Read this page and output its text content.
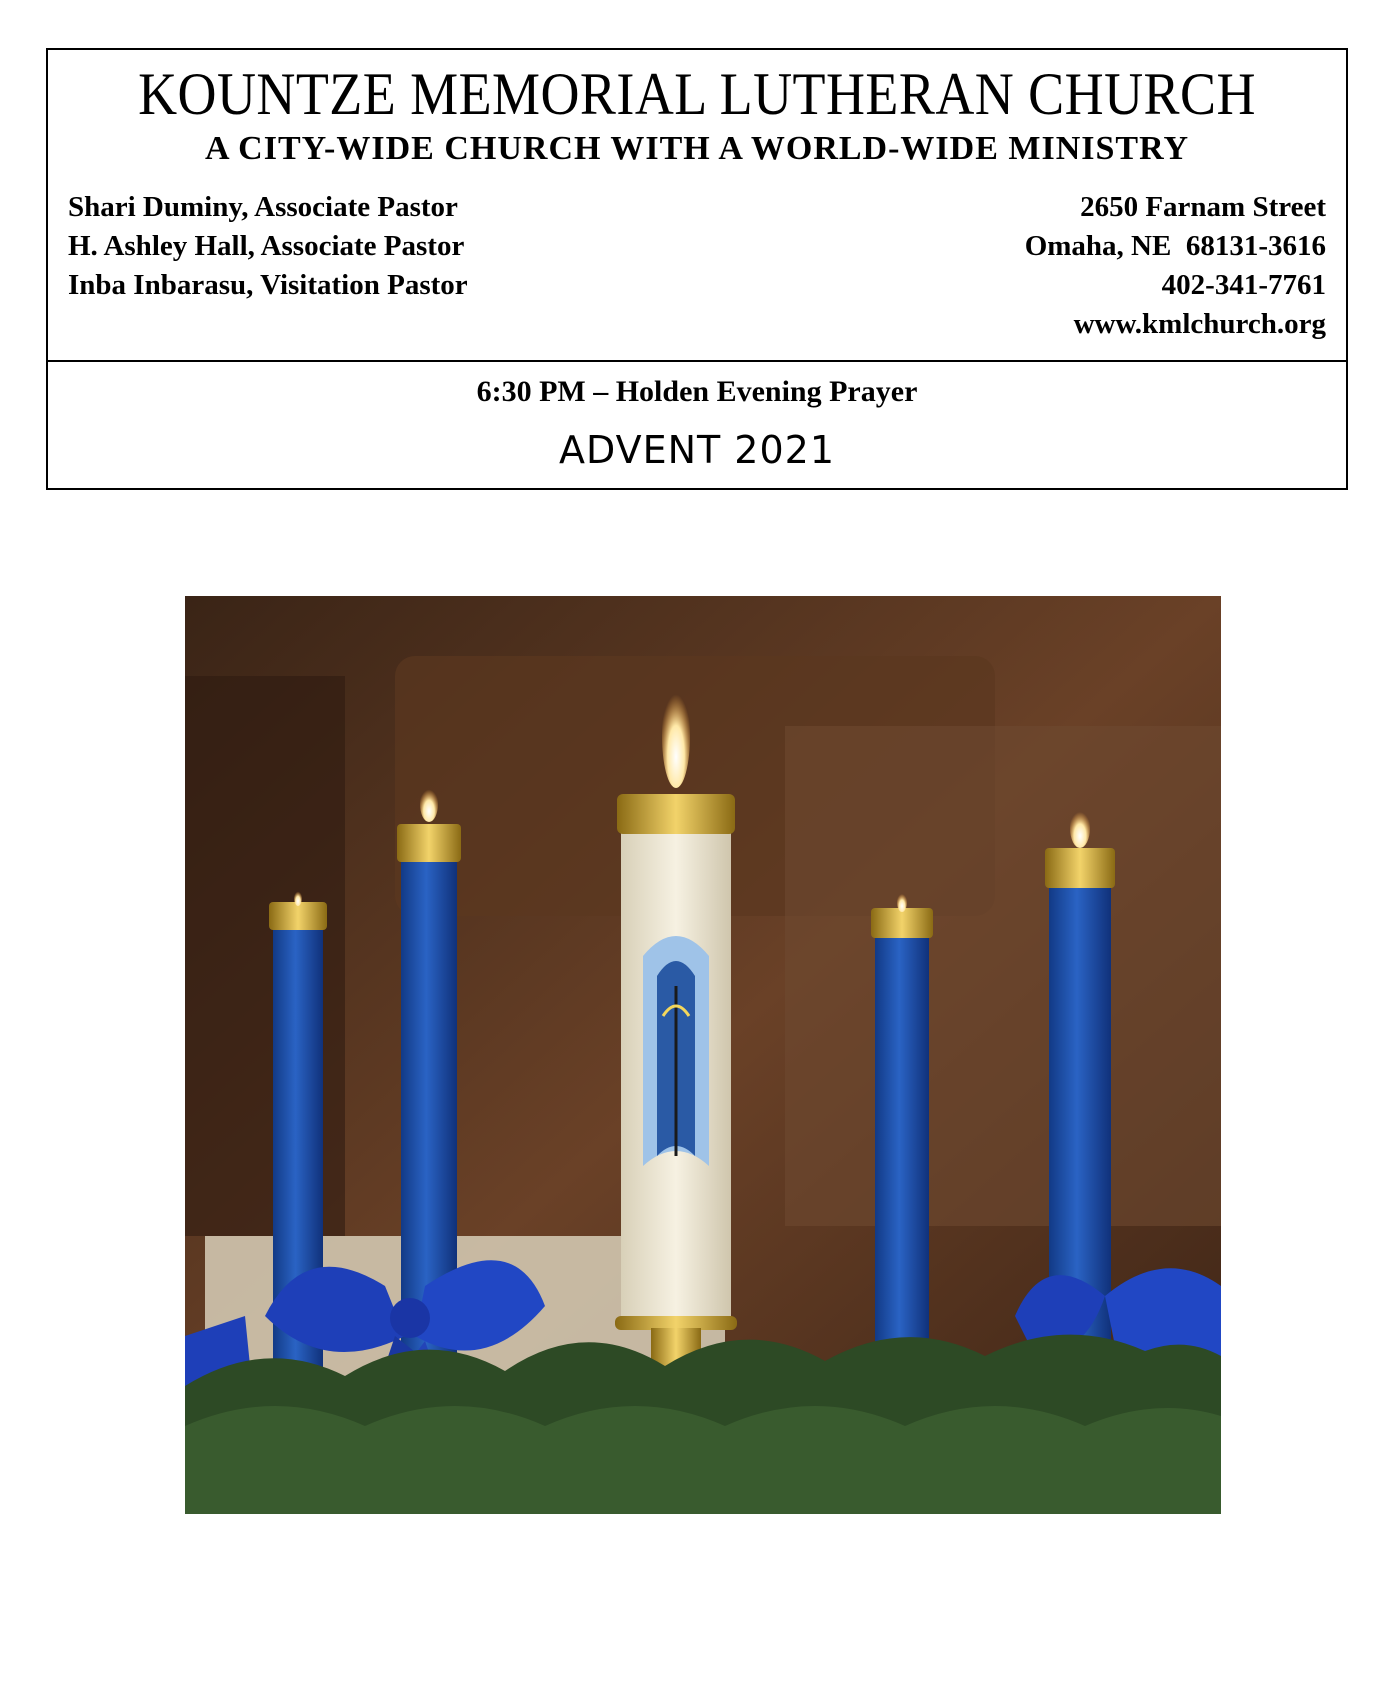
KOUNTZE MEMORIAL LUTHERAN CHURCH
A CITY-WIDE CHURCH WITH A WORLD-WIDE MINISTRY
Shari Duminy, Associate Pastor
H. Ashley Hall, Associate Pastor
Inba Inbarasu, Visitation Pastor
2650 Farnam Street
Omaha, NE  68131-3616
402-341-7761
www.kmlchurch.org
6:30 PM – Holden Evening Prayer
ADVENT 2021
